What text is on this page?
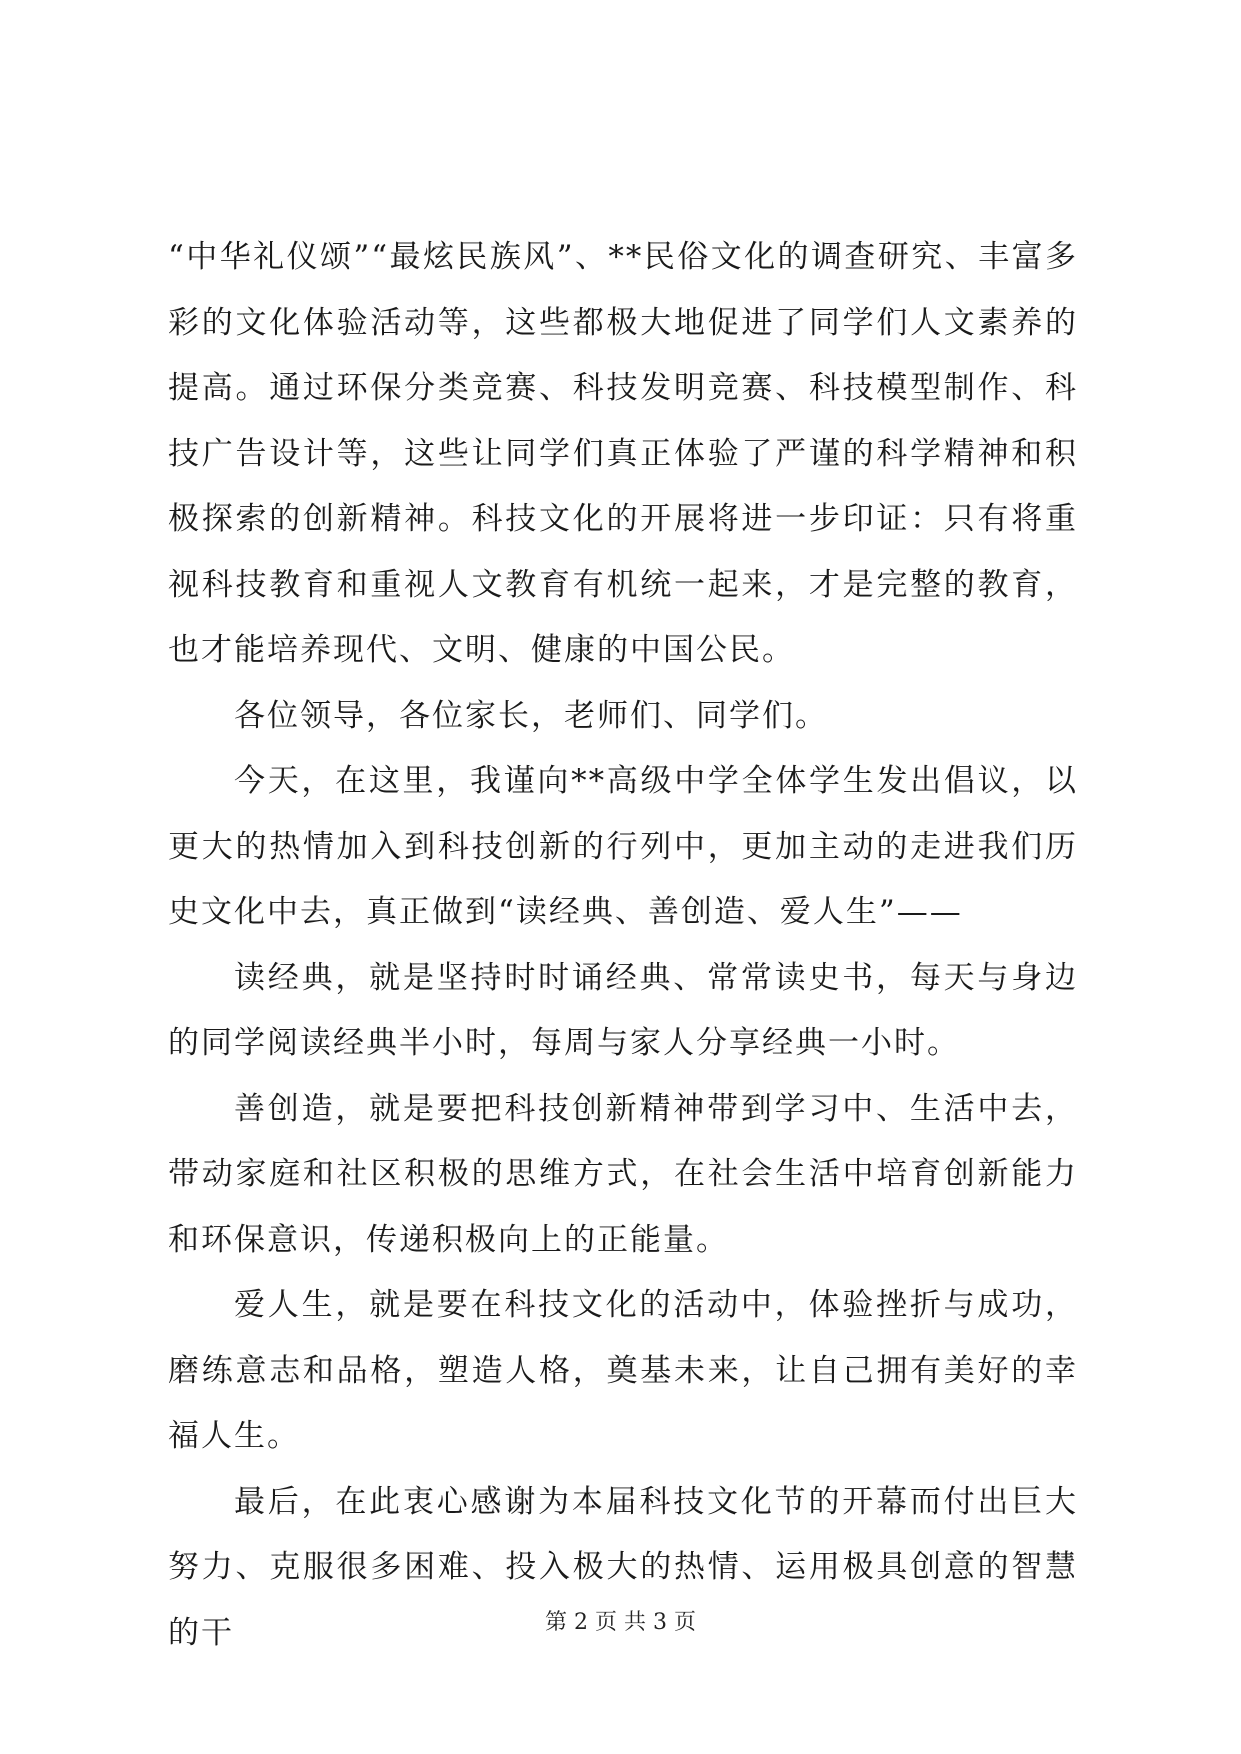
“中华礼仪颂”“最炫民族风”、**民俗文化的调查研究、丰富多彩的文化体验活动等，这些都极大地促进了同学们人文素养的提高。通过环保分类竞赛、科技发明竞赛、科技模型制作、科技广告设计等，这些让同学们真正体验了严谨的科学精神和积极探索的创新精神。科技文化的开展将进一步印证：只有将重视科技教育和重视人文教育有机统一起来，才是完整的教育，也才能培养现代、文明、健康的中国公民。

各位领导，各位家长，老师们、同学们。

今天，在这里，我谨向**高级中学全体学生发出倡议，以更大的热情加入到科技创新的行列中，更加主动的走进我们历史文化中去，真正做到“读经典、善创造、爱人生”——

读经典，就是坚持时时诵经典、常常读史书，每天与身边的同学阅读经典半小时，每周与家人分享经典一小时。

善创造，就是要把科技创新精神带到学习中、生活中去，带动家庭和社区积极的思维方式，在社会生活中培育创新能力和环保意识，传递积极向上的正能量。

爱人生，就是要在科技文化的活动中，体验挫折与成功，磨练意志和品格，塑造人格，奠基未来，让自己拥有美好的幸福人生。

最后，在此衷心感谢为本届科技文化节的开幕而付出巨大努力、克服很多困难、投入极大的热情、运用极具创意的智慧的干	第 2 页 共 3 页
